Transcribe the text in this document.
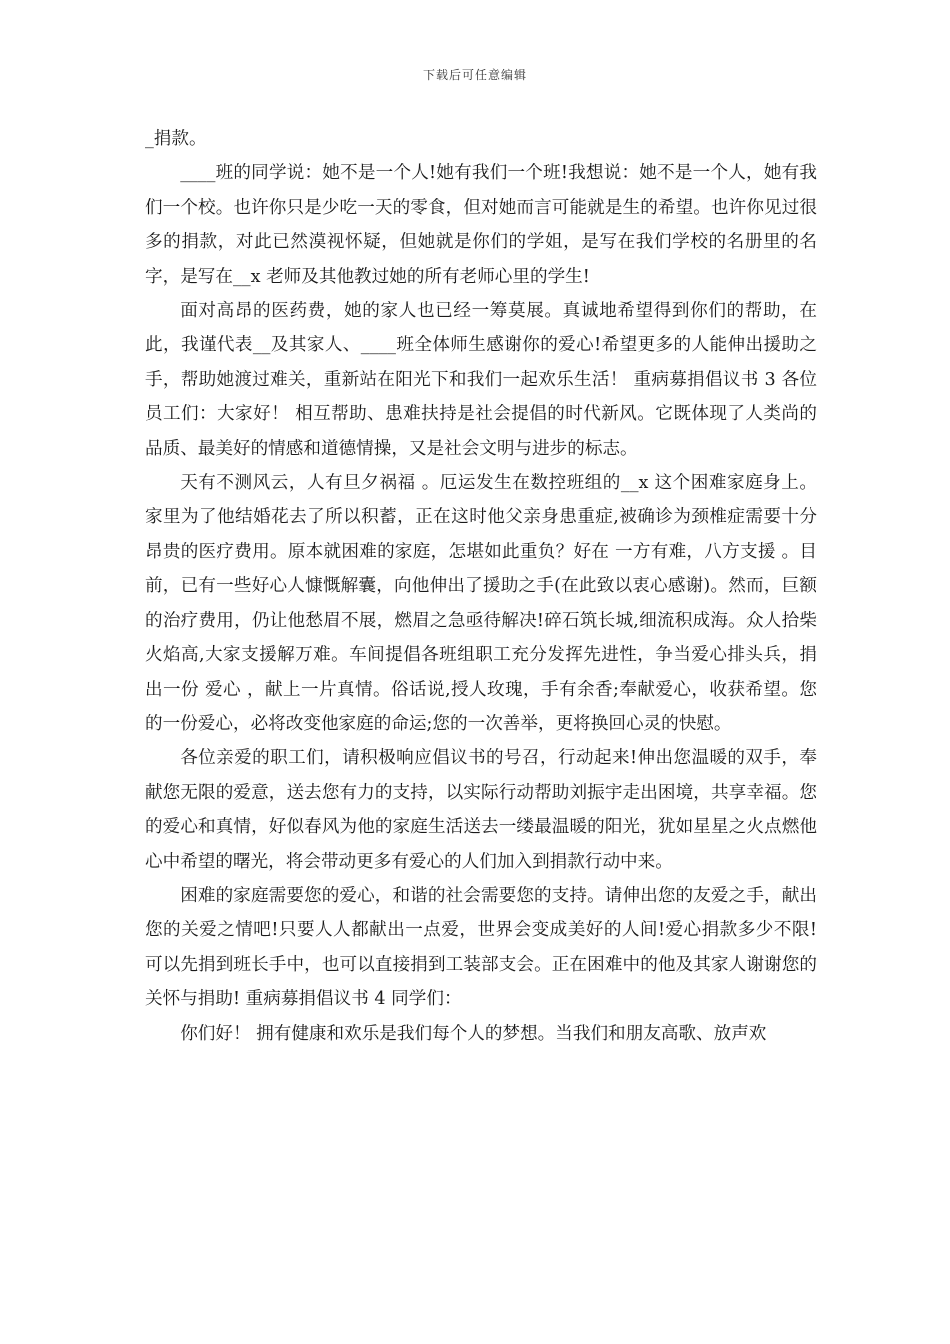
下载后可任意编辑

_捐款。

____班的同学说：她不是一个人!她有我们一个班!我想说：她不是一个人，她有我们一个校。也许你只是少吃一天的零食，但对她而言可能就是生的希望。也许你见过很多的捐款，对此已然漠视怀疑，但她就是你们的学姐，是写在我们学校的名册里的名字，是写在__x 老师及其他教过她的所有老师心里的学生!

面对高昂的医药费，她的家人也已经一筹莫展。真诚地希望得到你们的帮助，在此，我谨代表__及其家人、____班全体师生感谢你的爱心!希望更多的人能伸出援助之手，帮助她渡过难关，重新站在阳光下和我们一起欢乐生活！ 重病募捐倡议书 3 各位员工们：大家好！ 相互帮助、患难扶持是社会提倡的时代新风。它既体现了人类尚的品质、最美好的情感和道德情操，又是社会文明与进步的标志。

天有不测风云，人有旦夕祸福 。厄运发生在数控班组的__x 这个困难家庭身上。家里为了他结婚花去了所以积蓄，正在这时他父亲身患重症,被确诊为颈椎症需要十分昂贵的医疗费用。原本就困难的家庭，怎堪如此重负？好在 一方有难，八方支援 。目前，已有一些好心人慷慨解囊，向他伸出了援助之手(在此致以衷心感谢)。然而，巨额的治疗费用，仍让他愁眉不展，燃眉之急亟待解决!碎石筑长城,细流积成海。众人拾柴火焰高,大家支援解万难。车间提倡各班组职工充分发挥先进性，争当爱心排头兵，捐出一份 爱心 ，献上一片真情。俗话说,授人玫瑰，手有余香;奉献爱心，收获希望。您的一份爱心，必将改变他家庭的命运;您的一次善举，更将换回心灵的快慰。

各位亲爱的职工们，请积极响应倡议书的号召，行动起来!伸出您温暖的双手，奉献您无限的爱意，送去您有力的支持，以实际行动帮助刘振宇走出困境，共享幸福。您的爱心和真情，好似春风为他的家庭生活送去一缕最温暖的阳光，犹如星星之火点燃他心中希望的曙光，将会带动更多有爱心的人们加入到捐款行动中来。

困难的家庭需要您的爱心，和谐的社会需要您的支持。请伸出您的友爱之手，献出您的关爱之情吧!只要人人都献出一点爱，世界会变成美好的人间!爱心捐款多少不限!可以先捐到班长手中，也可以直接捐到工装部支会。正在困难中的他及其家人谢谢您的关怀与捐助! 重病募捐倡议书 4 同学们：

你们好！ 拥有健康和欢乐是我们每个人的梦想。当我们和朋友高歌、放声欢
